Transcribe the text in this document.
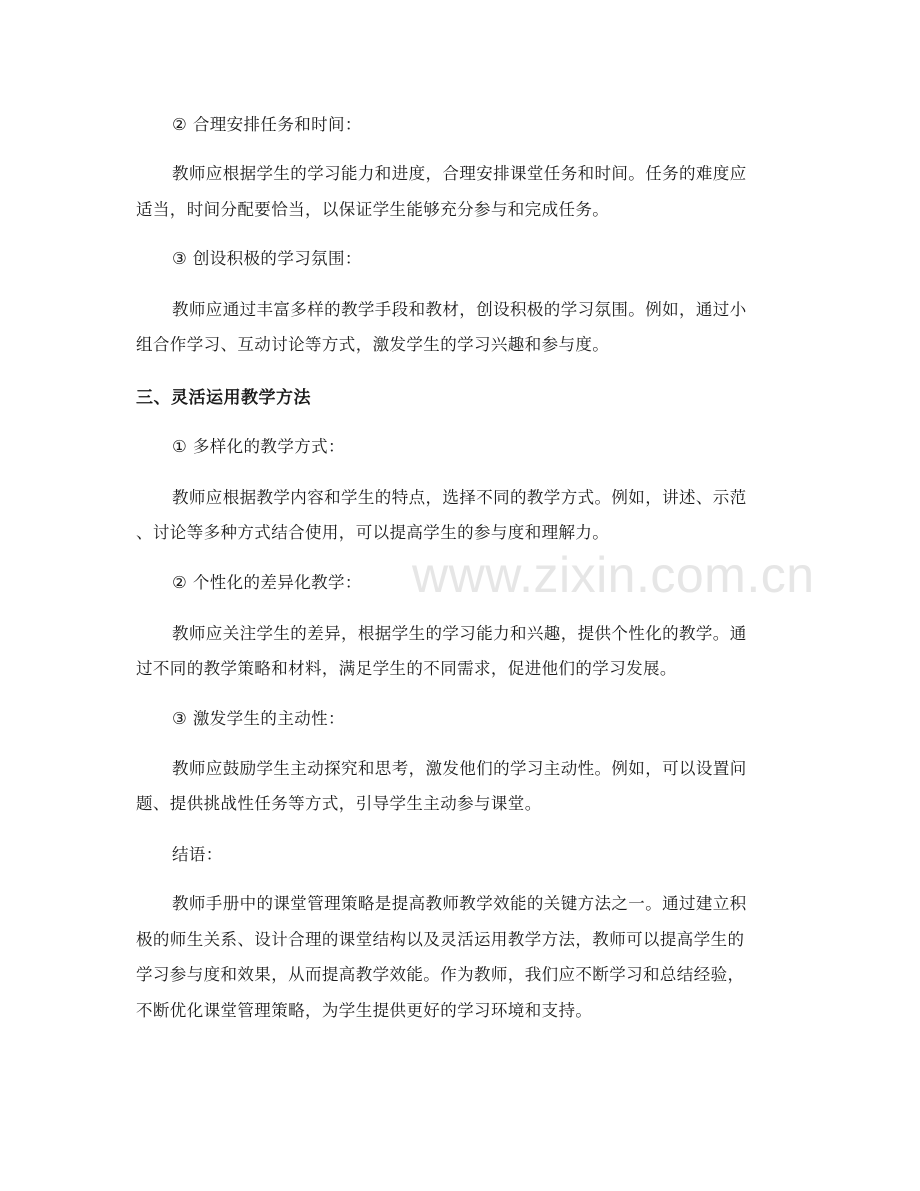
www.zixin.com.cn
② 合理安排任务和时间：
教师应根据学生的学习能力和进度，合理安排课堂任务和时间。任务的难度应
适当，时间分配要恰当，以保证学生能够充分参与和完成任务。
③ 创设积极的学习氛围：
教师应通过丰富多样的教学手段和教材，创设积极的学习氛围。例如，通过小
组合作学习、互动讨论等方式，激发学生的学习兴趣和参与度。
三、灵活运用教学方法
① 多样化的教学方式：
教师应根据教学内容和学生的特点，选择不同的教学方式。例如，讲述、示范
、讨论等多种方式结合使用，可以提高学生的参与度和理解力。
② 个性化的差异化教学：
教师应关注学生的差异，根据学生的学习能力和兴趣，提供个性化的教学。通
过不同的教学策略和材料，满足学生的不同需求，促进他们的学习发展。
③ 激发学生的主动性：
教师应鼓励学生主动探究和思考，激发他们的学习主动性。例如，可以设置问
题、提供挑战性任务等方式，引导学生主动参与课堂。
结语：
教师手册中的课堂管理策略是提高教师教学效能的关键方法之一。通过建立积
极的师生关系、设计合理的课堂结构以及灵活运用教学方法，教师可以提高学生的
学习参与度和效果，从而提高教学效能。作为教师，我们应不断学习和总结经验，
不断优化课堂管理策略，为学生提供更好的学习环境和支持。
